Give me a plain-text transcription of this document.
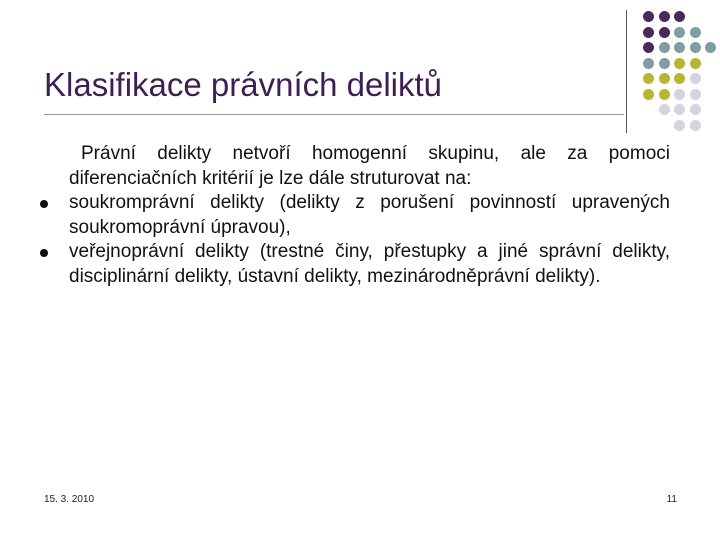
Klasifikace právních deliktů
Právní delikty netvoří homogenní skupinu, ale za pomoci diferenciačních kritérií je lze dále struturovat na:
soukromprávní delikty (delikty z porušení povinností upravených soukromoprávní úpravou),
veřejnoprávní delikty (trestné činy, přestupky a jiné správní delikty, disciplinární delikty, ústavní delikty, mezinárodněprávní delikty).
15. 3. 2010	11
